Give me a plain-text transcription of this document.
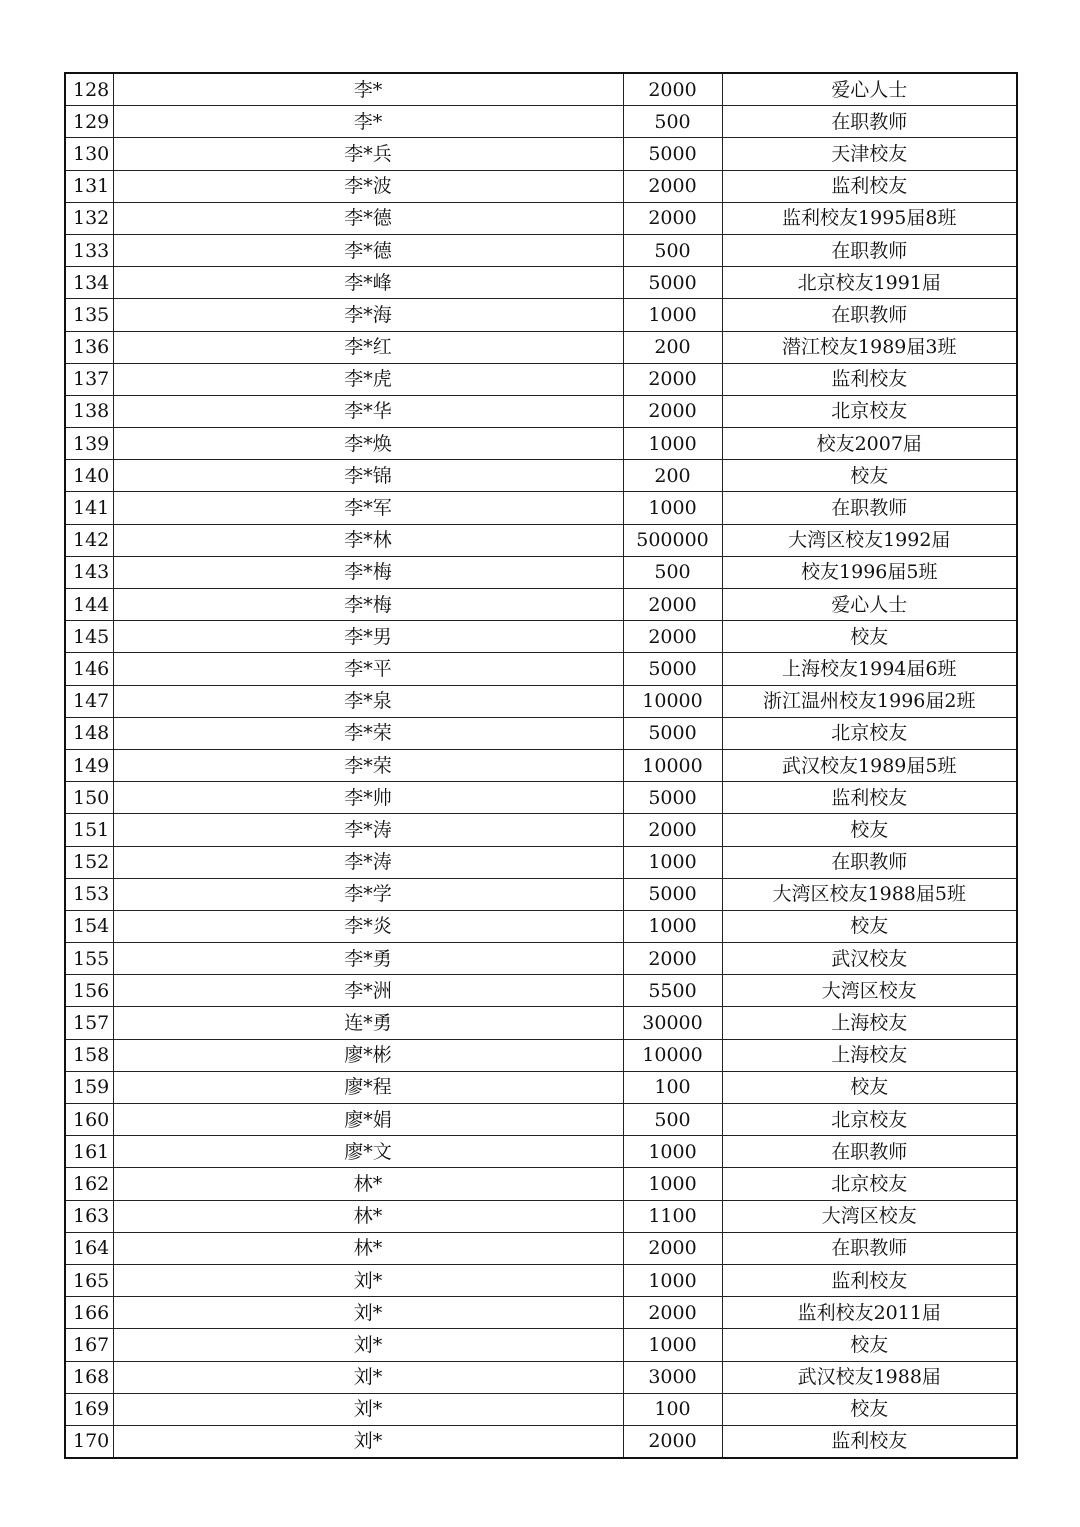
128	李*	2000	爱心人士
129	李*	500	在职教师
130	李*兵	5000	天津校友
131	李*波	2000	监利校友
132	李*德	2000	监利校友1995届8班
133	李*德	500	在职教师
134	李*峰	5000	北京校友1991届
135	李*海	1000	在职教师
136	李*红	200	潜江校友1989届3班
137	李*虎	2000	监利校友
138	李*华	2000	北京校友
139	李*焕	1000	校友2007届
140	李*锦	200	校友
141	李*军	1000	在职教师
142	李*林	500000	大湾区校友1992届
143	李*梅	500	校友1996届5班
144	李*梅	2000	爱心人士
145	李*男	2000	校友
146	李*平	5000	上海校友1994届6班
147	李*泉	10000	浙江温州校友1996届2班
148	李*荣	5000	北京校友
149	李*荣	10000	武汉校友1989届5班
150	李*帅	5000	监利校友
151	李*涛	2000	校友
152	李*涛	1000	在职教师
153	李*学	5000	大湾区校友1988届5班
154	李*炎	1000	校友
155	李*勇	2000	武汉校友
156	李*洲	5500	大湾区校友
157	连*勇	30000	上海校友
158	廖*彬	10000	上海校友
159	廖*程	100	校友
160	廖*娟	500	北京校友
161	廖*文	1000	在职教师
162	林*	1000	北京校友
163	林*	1100	大湾区校友
164	林*	2000	在职教师
165	刘*	1000	监利校友
166	刘*	2000	监利校友2011届
167	刘*	1000	校友
168	刘*	3000	武汉校友1988届
169	刘*	100	校友
170	刘*	2000	监利校友
